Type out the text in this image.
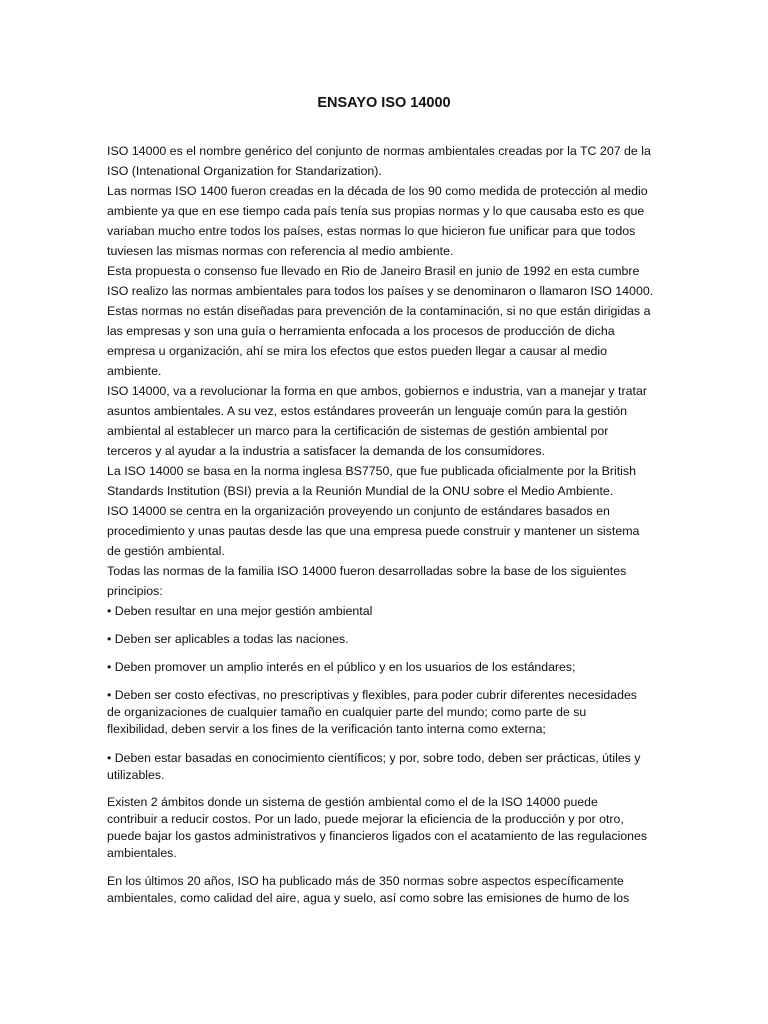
ENSAYO ISO 14000

ISO 14000 es el nombre genérico del conjunto de normas ambientales creadas por la TC 207 de la

ISO (Intenational Organization for Standarization).

Las normas ISO 1400 fueron creadas en la década de los 90 como medida de protección al medio

ambiente ya que en ese tiempo cada país tenía sus propias normas y lo que causaba esto es que

variaban mucho entre todos los países, estas normas lo que hicieron fue unificar para que todos

tuviesen las mismas normas con referencia al medio ambiente.

Esta propuesta o consenso fue llevado en Rio de Janeiro Brasil en junio de 1992 en esta cumbre

ISO realizo las normas ambientales para todos los países y se denominaron o llamaron ISO 14000.

Estas normas no están diseñadas para prevención de la contaminación, si no que están dirigidas a

las empresas y son una guía o herramienta enfocada a los procesos de producción de dicha

empresa u organización, ahí se mira los efectos que estos pueden llegar a causar al medio

ambiente.

ISO 14000, va a revolucionar la forma en que ambos, gobiernos e industria, van a manejar y tratar

asuntos ambientales. A su vez, estos estándares proveerán un lenguaje común para la gestión

ambiental al establecer un marco para la certificación de sistemas de gestión ambiental por

terceros y al ayudar a la industria a satisfacer la demanda de los consumidores.

La ISO 14000 se basa en la norma inglesa BS7750, que fue publicada oficialmente por la British

Standards Institution (BSI) previa a la Reunión Mundial de la ONU sobre el Medio Ambiente.

ISO 14000 se centra en la organización proveyendo un conjunto de estándares basados en

procedimiento y unas pautas desde las que una empresa puede construir y mantener un sistema

de gestión ambiental.

Todas las normas de la familia ISO 14000 fueron desarrolladas sobre la base de los siguientes

principios:

• Deben resultar en una mejor gestión ambiental

• Deben ser aplicables a todas las naciones.

• Deben promover un amplio interés en el público y en los usuarios de los estándares;

• Deben ser costo efectivas, no prescriptivas y flexibles, para poder cubrir diferentes necesidades

de organizaciones de cualquier tamaño en cualquier parte del mundo; como parte de su

flexibilidad, deben servir a los fines de la verificación tanto interna como externa;

• Deben estar basadas en conocimiento científicos; y por, sobre todo, deben ser prácticas, útiles y

utilizables.

Existen 2 ámbitos donde un sistema de gestión ambiental como el de la ISO 14000 puede

contribuir a reducir costos. Por un lado, puede mejorar la eficiencia de la producción y por otro,

puede bajar los gastos administrativos y financieros ligados con el acatamiento de las regulaciones

ambientales.

En los últimos 20 años, ISO ha publicado más de 350 normas sobre aspectos específicamente

ambientales, como calidad del aire, agua y suelo, así como sobre las emisiones de humo de los
